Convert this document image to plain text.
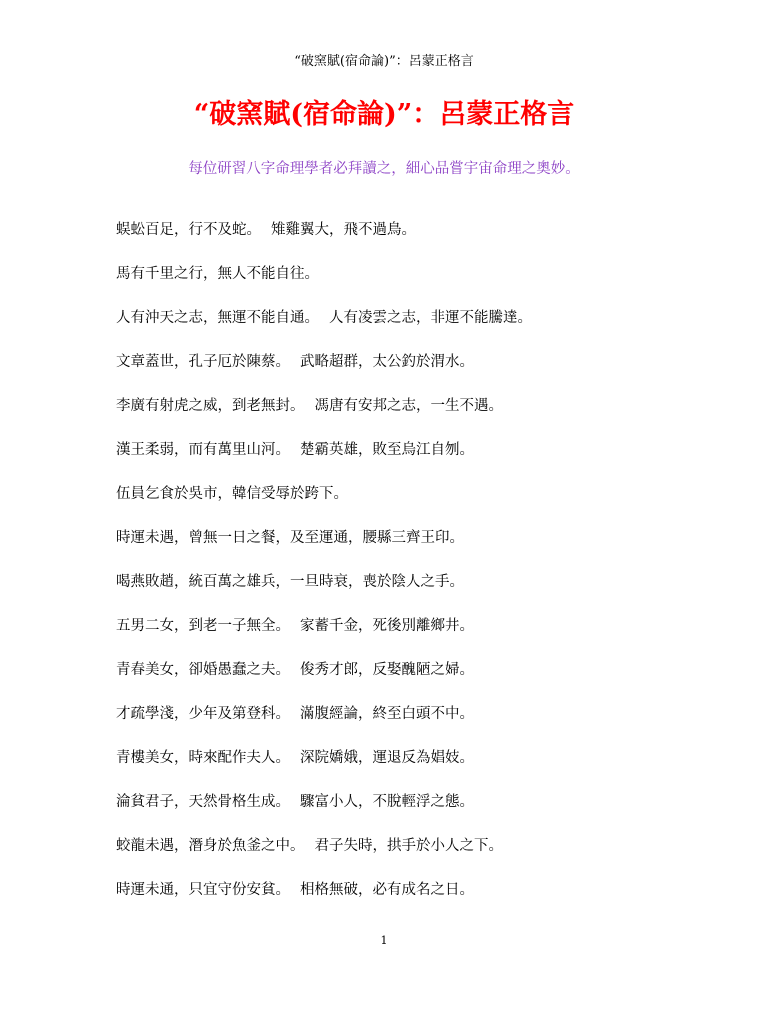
“破窯賦(宿命論)”：呂蒙正格言
“破窯賦(宿命論)”：呂蒙正格言
每位研習八字命理學者必拜讀之，細心品嘗宇宙命理之奧妙。
蜈蚣百足，行不及蛇。 雉雞翼大，飛不過鳥。
馬有千里之行，無人不能自往。
人有沖天之志，無運不能自通。 人有凌雲之志，非運不能騰達。
文章蓋世，孔子厄於陳蔡。 武略超群，太公釣於渭水。
李廣有射虎之威，到老無封。 馮唐有安邦之志，一生不遇。
漢王柔弱，而有萬里山河。 楚霸英雄，敗至烏江自刎。
伍員乞食於吳市，韓信受辱於跨下。
時運未遇，曾無一日之餐，及至運通，腰縣三齊王印。
喝燕敗趙，統百萬之雄兵，一旦時衰，喪於陰人之手。
五男二女，到老一子無全。 家蓄千金，死後別離鄉井。
青春美女，卻婚愚蠢之夫。 俊秀才郎，反娶醜陋之婦。
才疏學淺，少年及第登科。 滿腹經論，終至白頭不中。
青樓美女，時來配作夫人。 深院嬌娥，運退反為娼妓。
淪貧君子，天然骨格生成。 驟富小人，不脫輕浮之態。
蛟龍未遇，潛身於魚釜之中。 君子失時，拱手於小人之下。
時運未通，只宜守份安貧。 相格無破，必有成名之日。
1
